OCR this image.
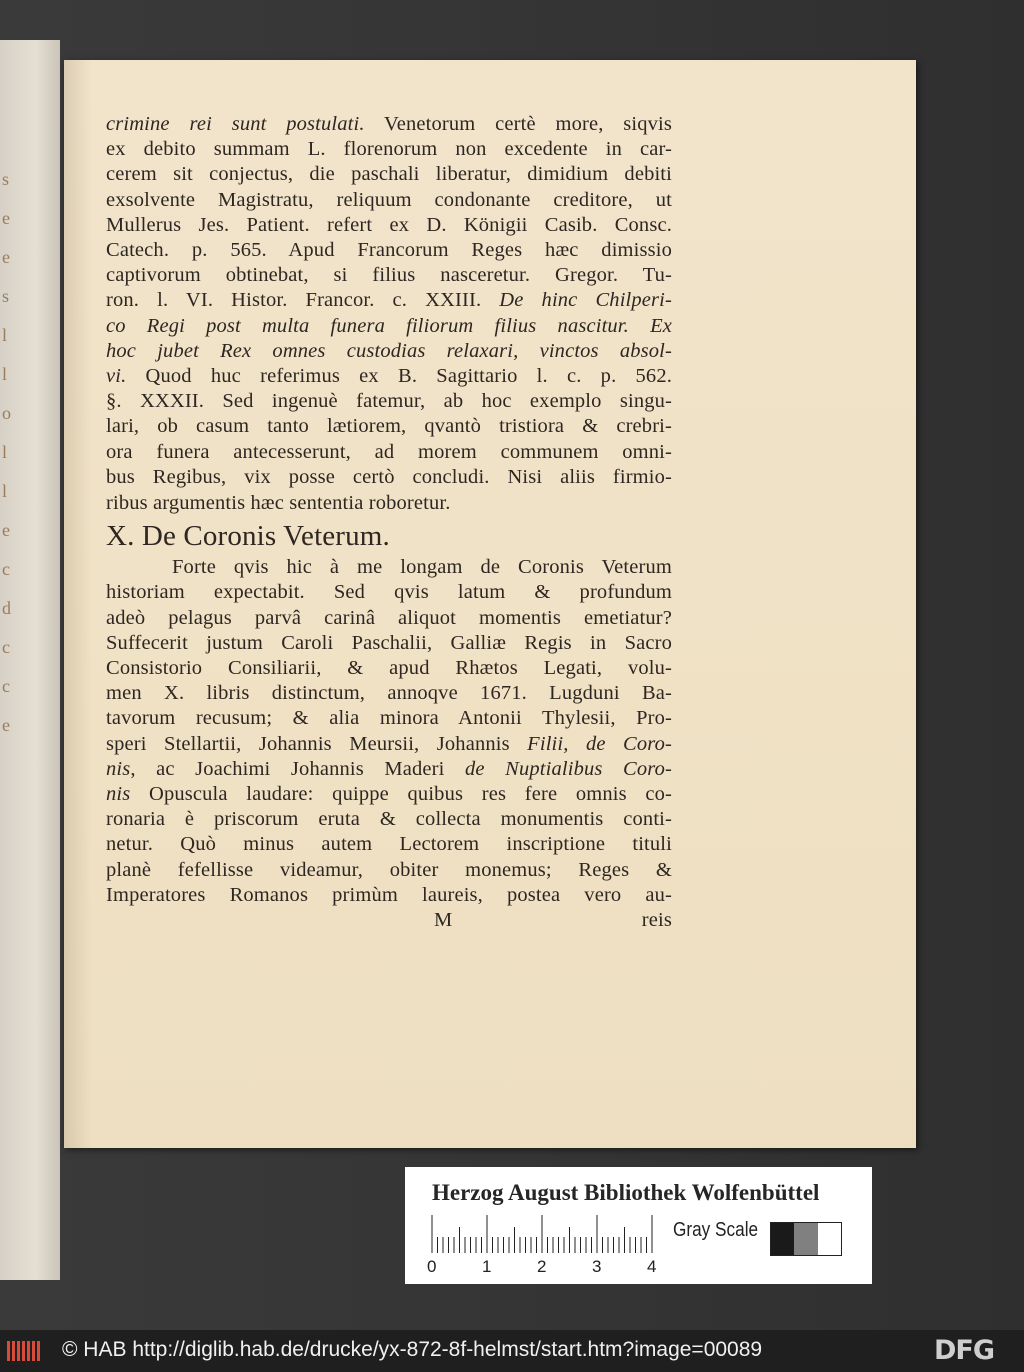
s
e
e
s
l
l
o
l
l
e
c
d
c
c
e
crimine rei sunt postulati. Venetorum certè more, siqvis
ex debito summam L. florenorum non excedente in car-
cerem sit conjectus, die paschali liberatur, dimidium debiti
exsolvente Magistratu, reliquum condonante creditore, ut
Mullerus Jes. Patient. refert ex D. Königii Casib. Consc.
Catech. p. 565. Apud Francorum Reges hæc dimissio
captivorum obtinebat, si filius nasceretur. Gregor. Tu-
ron. l. VI. Histor. Francor. c. XXIII. De hinc Chilperi-
co Regi post multa funera filiorum filius nascitur. Ex
hoc jubet Rex omnes custodias relaxari, vinctos absol-
vi. Quod huc referimus ex B. Sagittario l. c. p. 562.
§. XXXII. Sed ingenuè fatemur, ab hoc exemplo singu-
lari, ob casum tanto lætiorem, qvantò tristiora & crebri-
ora funera antecesserunt, ad morem communem omni-
bus Regibus, vix posse certò concludi. Nisi aliis firmio-
ribus argumentis hæc sententia roboretur.
X. De Coronis Veterum.
Forte qvis hic à me longam de Coronis Veterum
historiam expectabit. Sed qvis latum & profundum
adeò pelagus parvâ carinâ aliquot momentis emetiatur?
Suffecerit justum Caroli Paschalii, Galliæ Regis in Sacro
Consistorio Consiliarii, & apud Rhætos Legati, volu-
men X. libris distinctum, annoqve 1671. Lugduni Ba-
tavorum recusum; & alia minora Antonii Thylesii, Pro-
speri Stellartii, Johannis Meursii, Johannis Filii, de Coro-
nis, ac Joachimi Johannis Maderi de Nuptialibus Coro-
nis Opuscula laudare: quippe quibus res fere omnis co-
ronaria è priscorum eruta & collecta monumentis conti-
netur. Quò minus autem Lectorem inscriptione tituli
planè fefellisse videamur, obiter monemus; Reges &
Imperatores Romanos primùm laureis, postea vero au-
M	reis
Herzog August Bibliothek Wolfenbüttel
0	1	2	3	4
Gray Scale
© HAB http://diglib.hab.de/drucke/yx-872-8f-helmst/start.htm?image=00089	DFG
